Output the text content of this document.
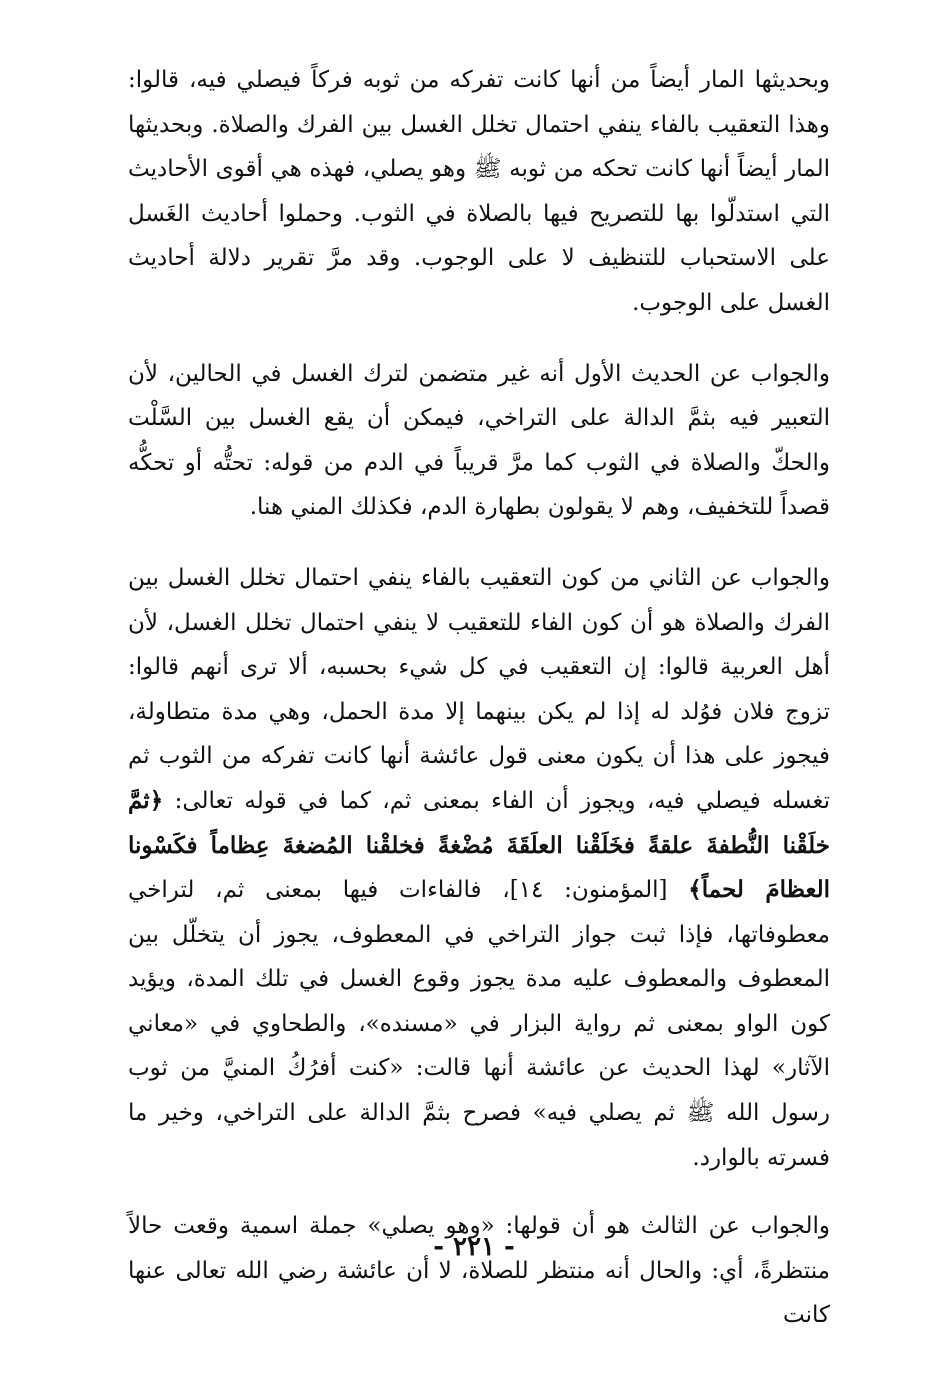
وبحديثها المار أيضاً من أنها كانت تفركه من ثوبه فركاً فيصلي فيه، قالوا: وهذا التعقيب بالفاء ينفي احتمال تخلل الغسل بين الفرك والصلاة. وبحديثها المار أيضاً أنها كانت تحكه من ثوبه ﷺ وهو يصلي، فهذه هي أقوى الأحاديث التي استدلّوا بها للتصريح فيها بالصلاة في الثوب. وحملوا أحاديث الغَسل على الاستحباب للتنظيف لا على الوجوب. وقد مرَّ تقرير دلالة أحاديث الغسل على الوجوب.

والجواب عن الحديث الأول أنه غير متضمن لترك الغسل في الحالين، لأن التعبير فيه بثمَّ الدالة على التراخي، فيمكن أن يقع الغسل بين السَّلْت والحكّ والصلاة في الثوب كما مرَّ قريباً في الدم من قوله: تحتُّه أو تحكُّه قصداً للتخفيف، وهم لا يقولون بطهارة الدم، فكذلك المني هنا.

والجواب عن الثاني من كون التعقيب بالفاء ينفي احتمال تخلل الغسل بين الفرك والصلاة هو أن كون الفاء للتعقيب لا ينفي احتمال تخلل الغسل، لأن أهل العربية قالوا: إن التعقيب في كل شيء بحسبه، ألا ترى أنهم قالوا: تزوج فلان فوُلد له إذا لم يكن بينهما إلا مدة الحمل، وهي مدة متطاولة، فيجوز على هذا أن يكون معنى قول عائشة أنها كانت تفركه من الثوب ثم تغسله فيصلي فيه، ويجوز أن الفاء بمعنى ثم، كما في قوله تعالى: ﴿ثمَّ خلَقْنا النُّطفةَ علقةً فخَلَقْنا العلَقَةَ مُضْغةً فخلقْنا المُضغةَ عِظاماً فكَسْونا العظامَ لحماً﴾ [المؤمنون: ١٤]، فالفاءات فيها بمعنى ثم، لتراخي معطوفاتها، فإذا ثبت جواز التراخي في المعطوف، يجوز أن يتخلّل بين المعطوف والمعطوف عليه مدة يجوز وقوع الغسل في تلك المدة، ويؤيد كون الواو بمعنى ثم رواية البزار في «مسنده»، والطحاوي في «معاني الآثار» لهذا الحديث عن عائشة أنها قالت: «كنت أفرُكُ المنيَّ من ثوب رسول الله ﷺ ثم يصلي فيه» فصرح بثمَّ الدالة على التراخي، وخير ما فسرته بالوارد.

والجواب عن الثالث هو أن قولها: «وهو يصلي» جملة اسمية وقعت حالاً منتظرةً، أي: والحال أنه منتظر للصلاة، لا أن عائشة رضي الله تعالى عنها كانت

- ٢٢١ -
